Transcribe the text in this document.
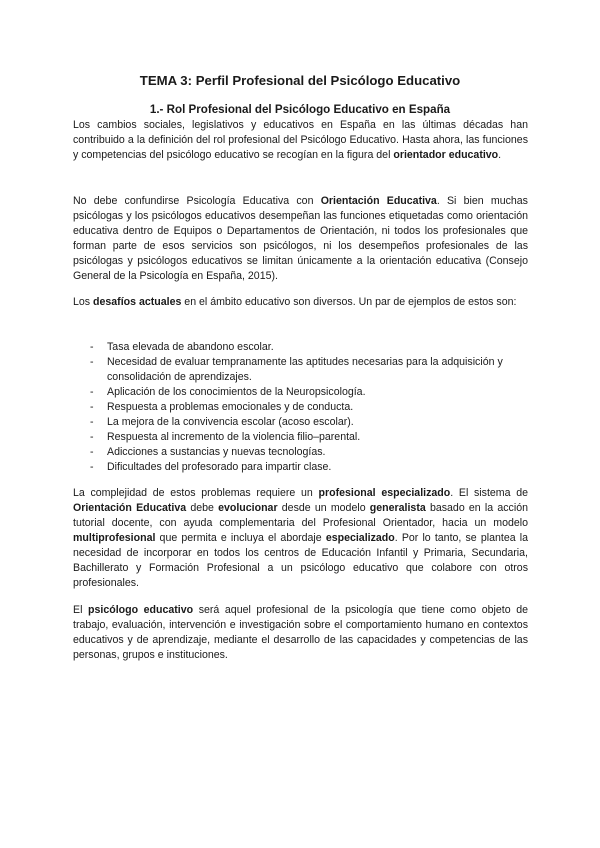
TEMA 3: Perfil Profesional del Psicólogo Educativo
1.- Rol Profesional del Psicólogo Educativo en España

Los cambios sociales, legislativos y educativos en España en las últimas décadas han contribuido a la definición del rol profesional del Psicólogo Educativo. Hasta ahora, las funciones y competencias del psicólogo educativo se recogían en la figura del orientador educativo.

No debe confundirse Psicología Educativa con Orientación Educativa. Si bien muchas psicólogas y los psicólogos educativos desempeñan las funciones etiquetadas como orientación educativa dentro de Equipos o Departamentos de Orientación, ni todos los profesionales que forman parte de esos servicios son psicólogos, ni los desempeños profesionales de las psicólogas y psicólogos educativos se limitan únicamente a la orientación educativa (Consejo General de la Psicología en España, 2015).

Los desafíos actuales en el ámbito educativo son diversos. Un par de ejemplos de estos son:

- Tasa elevada de abandono escolar.
- Necesidad de evaluar tempranamente las aptitudes necesarias para la adquisición y consolidación de aprendizajes.
- Aplicación de los conocimientos de la Neuropsicología.
- Respuesta a problemas emocionales y de conducta.
- La mejora de la convivencia escolar (acoso escolar).
- Respuesta al incremento de la violencia filio–parental.
- Adicciones a sustancias y nuevas tecnologías.
- Dificultades del profesorado para impartir clase.

La complejidad de estos problemas requiere un profesional especializado. El sistema de Orientación Educativa debe evolucionar desde un modelo generalista basado en la acción tutorial docente, con ayuda complementaria del Profesional Orientador, hacia un modelo multiprofesional que permita e incluya el abordaje especializado. Por lo tanto, se plantea la necesidad de incorporar en todos los centros de Educación Infantil y Primaria, Secundaria, Bachillerato y Formación Profesional a un psicólogo educativo que colabore con otros profesionales.

El psicólogo educativo será aquel profesional de la psicología que tiene como objeto de trabajo, evaluación, intervención e investigación sobre el comportamiento humano en contextos educativos y de aprendizaje, mediante el desarrollo de las capacidades y competencias de las personas, grupos e instituciones.
